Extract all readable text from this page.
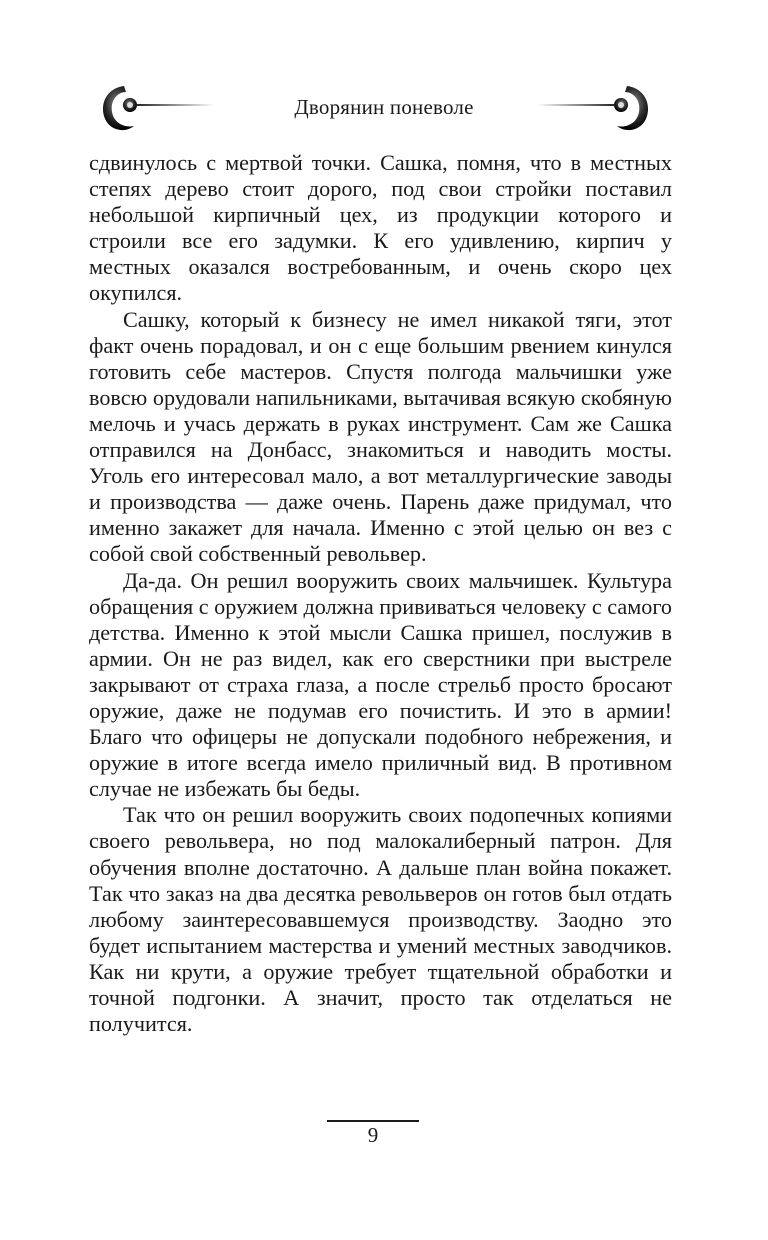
Дворянин поневоле

сдвинулось с мертвой точки. Сашка, помня, что в местных степях дерево стоит дорого, под свои стройки поставил небольшой кирпичный цех, из продукции которого и строили все его задумки. К его удивлению, кирпич у местных оказался востребованным, и очень скоро цех окупился.

Сашку, который к бизнесу не имел никакой тяги, этот факт очень порадовал, и он с еще большим рвением кинулся готовить себе мастеров. Спустя полгода мальчишки уже вовсю орудовали напильниками, вытачивая всякую скобяную мелочь и учась держать в руках инструмент. Сам же Сашка отправился на Донбасс, знакомиться и наводить мосты. Уголь его интересовал мало, а вот металлургические заводы и производства — даже очень. Парень даже придумал, что именно закажет для начала. Именно с этой целью он вез с собой свой собственный револьвер.

Да-да. Он решил вооружить своих мальчишек. Культура обращения с оружием должна прививаться человеку с самого детства. Именно к этой мысли Сашка пришел, послужив в армии. Он не раз видел, как его сверстники при выстреле закрывают от страха глаза, а после стрельб просто бросают оружие, даже не подумав его почистить. И это в армии! Благо что офицеры не допускали подобного небрежения, и оружие в итоге всегда имело приличный вид. В противном случае не избежать бы беды.

Так что он решил вооружить своих подопечных копиями своего револьвера, но под малокалиберный патрон. Для обучения вполне достаточно. А дальше план война покажет. Так что заказ на два десятка револьверов он готов был отдать любому заинтересовавшемуся производству. Заодно это будет испытанием мастерства и умений местных заводчиков. Как ни крути, а оружие требует тщательной обработки и точной подгонки. А значит, просто так отделаться не получится.

9
